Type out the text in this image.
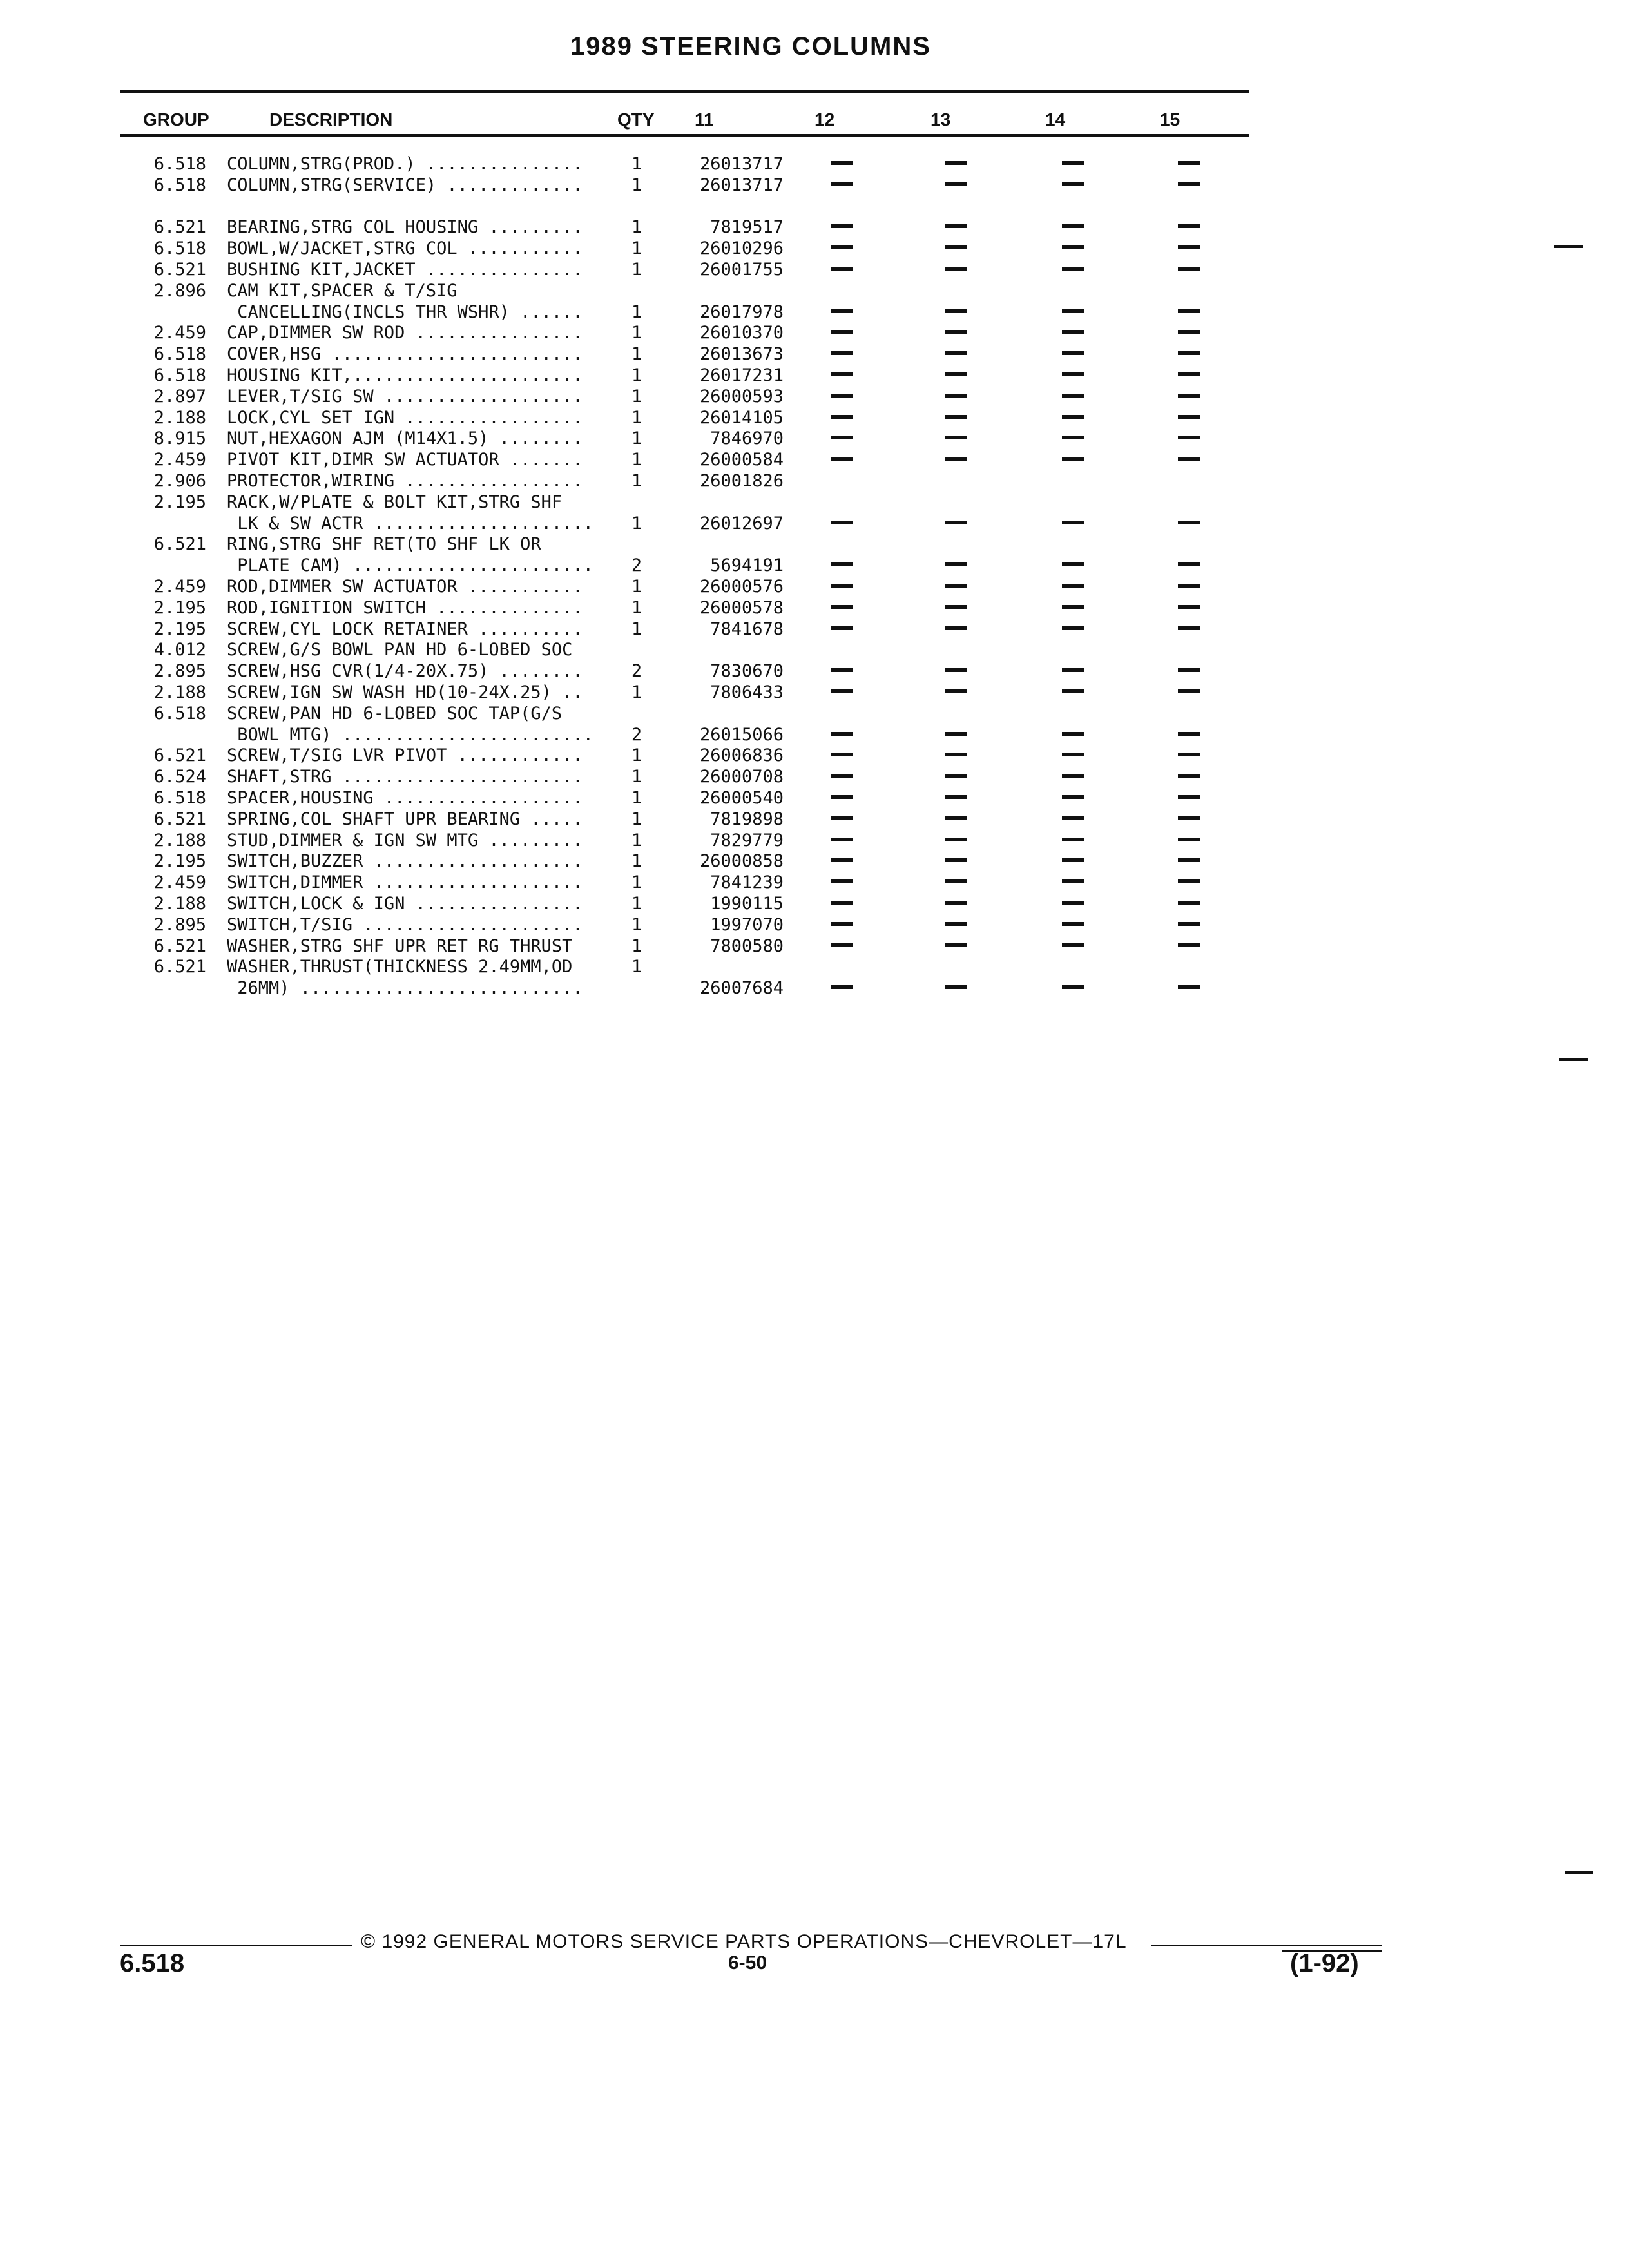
1989 STEERING COLUMNS
GROUP	DESCRIPTION	QTY 11	12	13	14	15
6.518 COLUMN,STRG(PROD.) ...............	1	26013717
6.518 COLUMN,STRG(SERVICE) .............	1	26013717
6.521 BEARING,STRG COL HOUSING .........	1	7819517
6.518 BOWL,W/JACKET,STRG COL ...........	1	26010296
6.521 BUSHING KIT,JACKET ...............	1	26001755
2.896 CAM KIT,SPACER & T/SIG
CANCELLING(INCLS THR WSHR) ......	1	26017978
2.459 CAP,DIMMER SW ROD ................	1	26010370
6.518 COVER,HSG ........................	1	26013673
6.518 HOUSING KIT,......................	1	26017231
2.897 LEVER,T/SIG SW ...................	1	26000593
2.188 LOCK,CYL SET IGN .................	1	26014105
8.915 NUT,HEXAGON AJM (M14X1.5) ........	1	7846970
2.459 PIVOT KIT,DIMR SW ACTUATOR .......	1	26000584
2.906 PROTECTOR,WIRING .................	1	26001826
2.195 RACK,W/PLATE & BOLT KIT,STRG SHF
LK & SW ACTR .....................	1	26012697
6.521 RING,STRG SHF RET(TO SHF LK OR
PLATE CAM) .......................	2	5694191
2.459 ROD,DIMMER SW ACTUATOR ...........	1	26000576
2.195 ROD,IGNITION SWITCH ..............	1	26000578
2.195 SCREW,CYL LOCK RETAINER ..........	1	7841678
4.012 SCREW,G/S BOWL PAN HD 6-LOBED SOC
2.895 SCREW,HSG CVR(1/4-20X.75) ........	2	7830670
2.188 SCREW,IGN SW WASH HD(10-24X.25) ..	1	7806433
6.518 SCREW,PAN HD 6-LOBED SOC TAP(G/S
BOWL MTG) ........................	2	26015066
6.521 SCREW,T/SIG LVR PIVOT ............	1	26006836
6.524 SHAFT,STRG .......................	1	26000708
6.518 SPACER,HOUSING ...................	1	26000540
6.521 SPRING,COL SHAFT UPR BEARING .....	1	7819898
2.188 STUD,DIMMER & IGN SW MTG .........	1	7829779
2.195 SWITCH,BUZZER ....................	1	26000858
2.459 SWITCH,DIMMER ....................	1	7841239
2.188 SWITCH,LOCK & IGN ................	1	1990115
2.895 SWITCH,T/SIG .....................	1	1997070
6.521 WASHER,STRG SHF UPR RET RG THRUST	1	7800580
6.521 WASHER,THRUST(THICKNESS 2.49MM,OD	1
26MM) ...........................	26007684
© 1992 GENERAL MOTORS SERVICE PARTS OPERATIONS—CHEVROLET—17L
6.518	6-50	(1-92)
